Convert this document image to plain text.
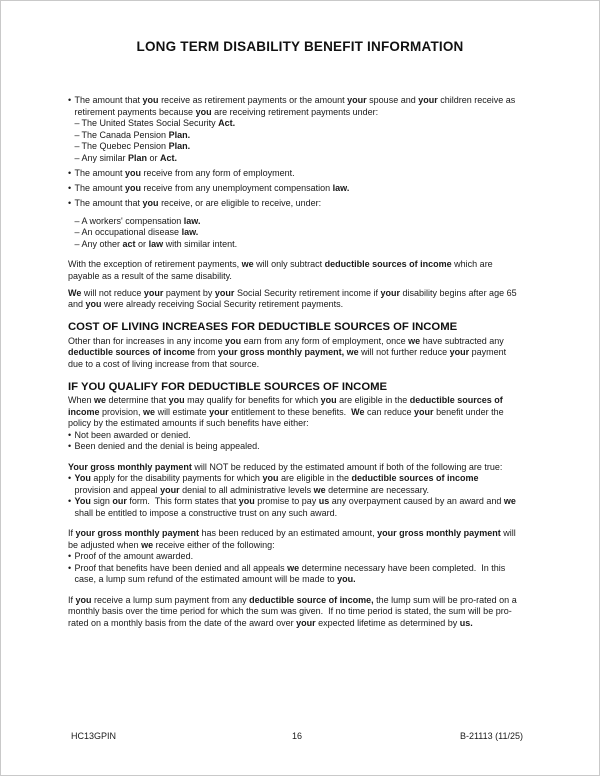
LONG TERM DISABILITY BENEFIT INFORMATION
• The amount that you receive as retirement payments or the amount your spouse and your children receive as retirement payments because you are receiving retirement payments under:
– The United States Social Security Act.
– The Canada Pension Plan.
– The Quebec Pension Plan.
– Any similar Plan or Act.
• The amount you receive from any form of employment.
• The amount you receive from any unemployment compensation law.
• The amount that you receive, or are eligible to receive, under:
– A workers' compensation law.
– An occupational disease law.
– Any other act or law with similar intent.
With the exception of retirement payments, we will only subtract deductible sources of income which are payable as a result of the same disability.
We will not reduce your payment by your Social Security retirement income if your disability begins after age 65 and you were already receiving Social Security retirement payments.
COST OF LIVING INCREASES FOR DEDUCTIBLE SOURCES OF INCOME
Other than for increases in any income you earn from any form of employment, once we have subtracted any deductible sources of income from your gross monthly payment, we will not further reduce your payment due to a cost of living increase from that source.
IF YOU QUALIFY FOR DEDUCTIBLE SOURCES OF INCOME
When we determine that you may qualify for benefits for which you are eligible in the deductible sources of income provision, we will estimate your entitlement to these benefits.  We can reduce your benefit under the policy by the estimated amounts if such benefits have either:
• Not been awarded or denied.
• Been denied and the denial is being appealed.
Your gross monthly payment will NOT be reduced by the estimated amount if both of the following are true:
• You apply for the disability payments for which you are eligible in the deductible sources of income provision and appeal your denial to all administrative levels we determine are necessary.
• You sign our form.  This form states that you promise to pay us any overpayment caused by an award and we shall be entitled to impose a constructive trust on any such award.
If your gross monthly payment has been reduced by an estimated amount, your gross monthly payment will be adjusted when we receive either of the following:
• Proof of the amount awarded.
• Proof that benefits have been denied and all appeals we determine necessary have been completed.  In this case, a lump sum refund of the estimated amount will be made to you.
If you receive a lump sum payment from any deductible source of income, the lump sum will be pro-rated on a monthly basis over the time period for which the sum was given.  If no time period is stated, the sum will be pro-rated on a monthly basis from the date of the award over your expected lifetime as determined by us.
HC13GPIN	16	B-21113 (11/25)
